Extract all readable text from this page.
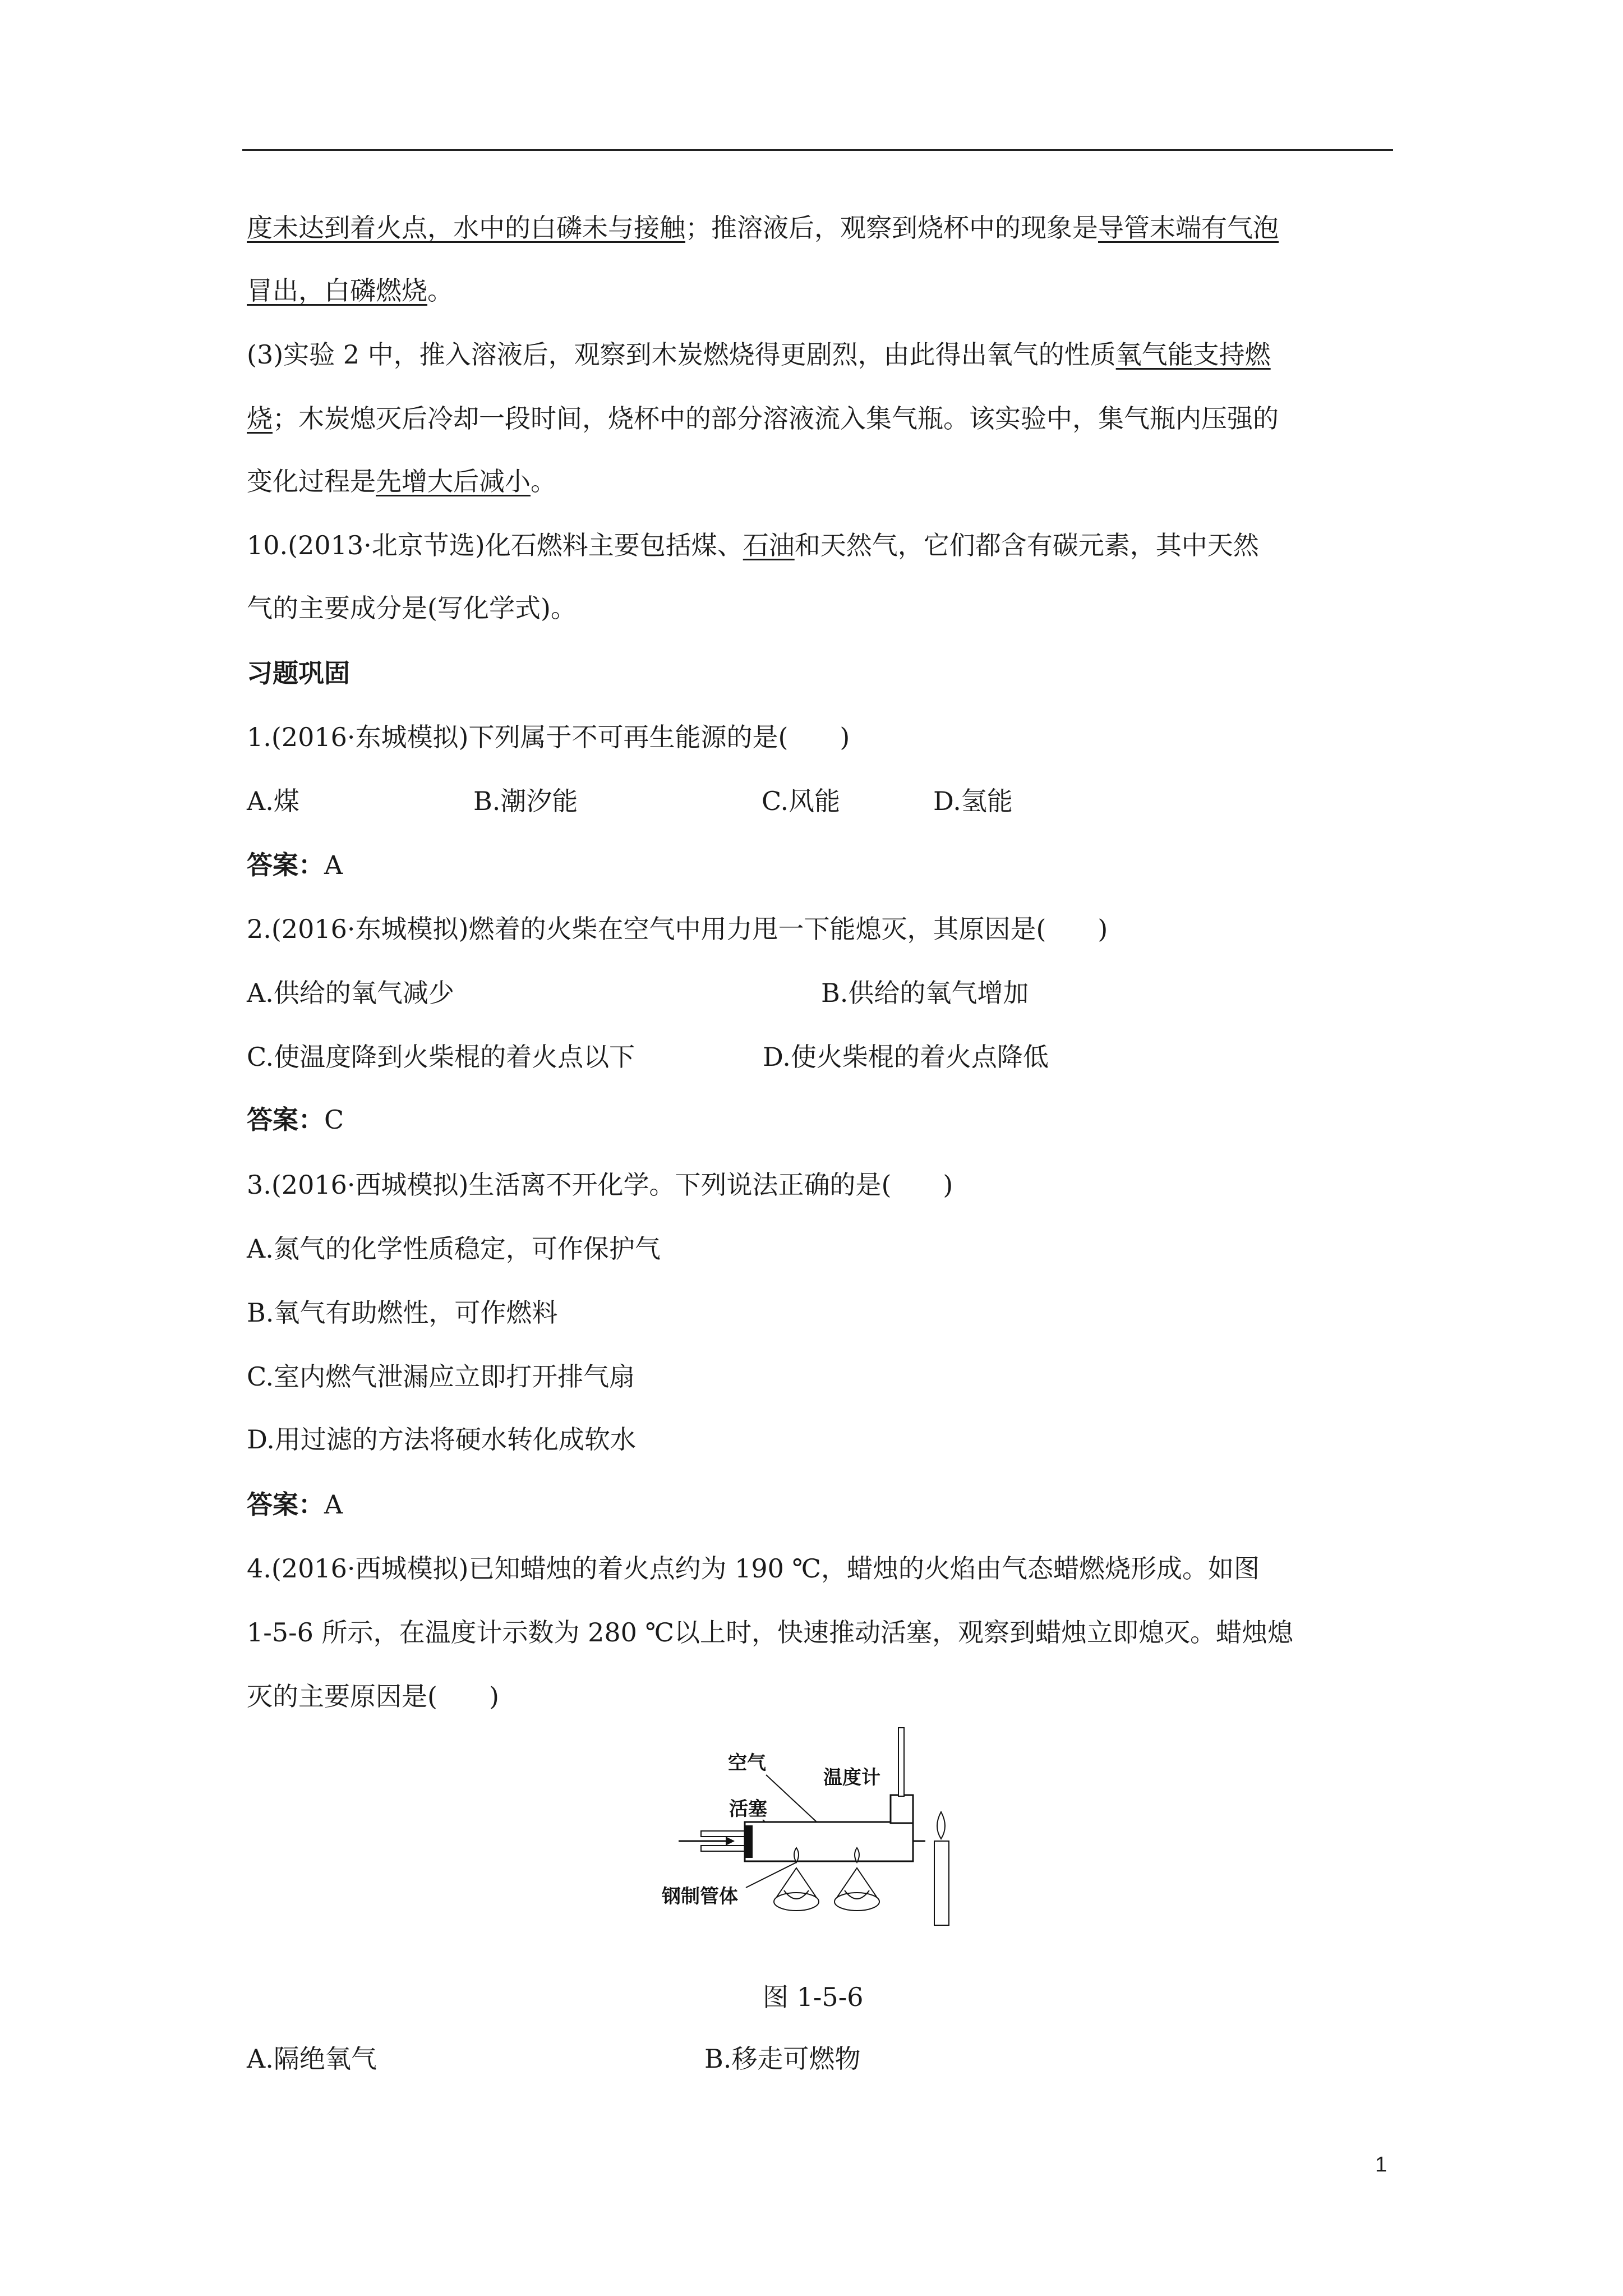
度未达到着火点，水中的白磷未与接触；推溶液后，观察到烧杯中的现象是导管末端有气泡
冒出，白磷燃烧。
(3)实验 2 中，推入溶液后，观察到木炭燃烧得更剧烈，由此得出氧气的性质氧气能支持燃
烧；木炭熄灭后冷却一段时间，烧杯中的部分溶液流入集气瓶。该实验中，集气瓶内压强的
变化过程是先增大后减小。
10.(2013·北京节选)化石燃料主要包括煤、石油和天然气，它们都含有碳元素，其中天然
气的主要成分是(写化学式)。
习题巩固
1.(2016·东城模拟)下列属于不可再生能源的是(　　)
A.煤	B.潮汐能	C.风能	D.氢能
答案：A
2.(2016·东城模拟)燃着的火柴在空气中用力甩一下能熄灭，其原因是(　　)
A.供给的氧气减少	B.供给的氧气增加
C.使温度降到火柴棍的着火点以下	D.使火柴棍的着火点降低
答案：C
3.(2016·西城模拟)生活离不开化学。下列说法正确的是(　　)
A.氮气的化学性质稳定，可作保护气
B.氧气有助燃性，可作燃料
C.室内燃气泄漏应立即打开排气扇
D.用过滤的方法将硬水转化成软水
答案：A
4.(2016·西城模拟)已知蜡烛的着火点约为 190 ℃，蜡烛的火焰由气态蜡燃烧形成。如图
1-5-6 所示，在温度计示数为 280 ℃以上时，快速推动活塞，观察到蜡烛立即熄灭。蜡烛熄
灭的主要原因是(　　)
空气
温度计
活塞
钢制管体
图 1-5-6
A.隔绝氧气	B.移走可燃物
1
